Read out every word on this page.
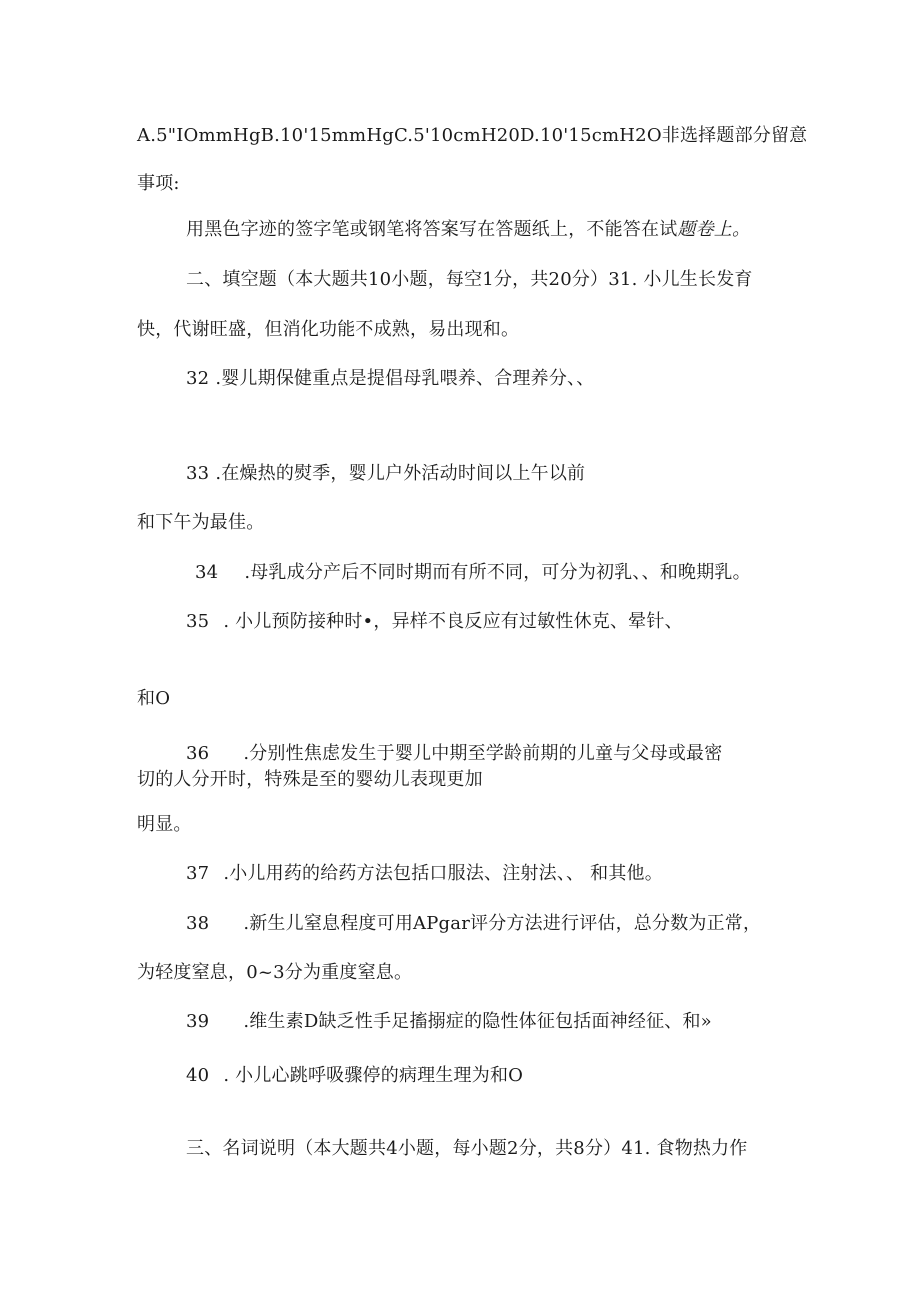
A.5"IOmmHgB.10'15mmHgC.5'10cmH20D.10'15cmH2O非选择题部分留意
事项:
用黑色字迹的签字笔或钢笔将答案写在答题纸上，不能答在试题卷上。
二、填空题（本大题共10小题，每空1分，共20分）31. 小儿生长发育
快，代谢旺盛，但消化功能不成熟，易出现和。
32 .婴儿期保健重点是提倡母乳喂养、合理养分、、
33 .在燥热的熨季，婴儿户外活动时间以上午以前
和下午为最佳。
34 .母乳成分产后不同时期而有所不同，可分为初乳、、和晚期乳。
35 . 小儿预防接种时•，异样不良反应有过敏性休克、晕针、
和O
36 .分别性焦虑发生于婴儿中期至学龄前期的儿童与父母或最密
切的人分开时，特殊是至的婴幼儿表现更加
明显。
37 .小儿用药的给药方法包括口服法、注射法、、 和其他。
38 .新生儿窒息程度可用APgar评分方法进行评估，总分数为正常，
为轻度窒息，0~3分为重度窒息。
39 .维生素D缺乏性手足搐搦症的隐性体征包括面神经征、和»
40 . 小儿心跳呼吸骤停的病理生理为和O
三、名词说明（本大题共4小题，每小题2分，共8分）41. 食物热力作
